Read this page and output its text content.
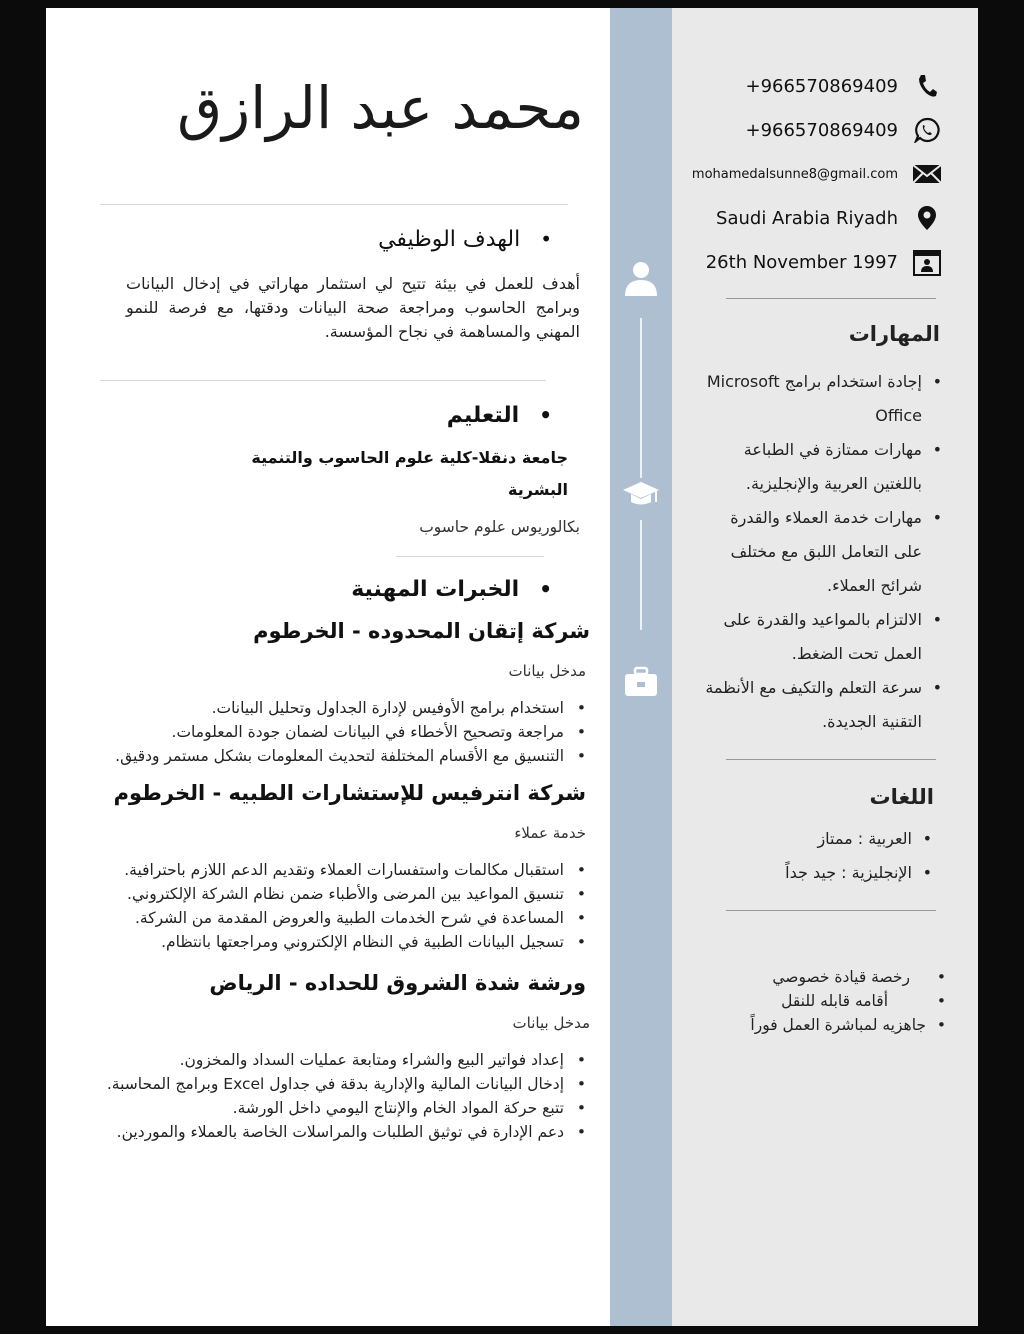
+966570869409
+966570869409
mohamedalsunne8@gmail.com
Saudi Arabia Riyadh
26th November 1997
المهارات
• إجادة استخدام برامج Microsoft Office
• مهارات ممتازة في الطباعة باللغتين العربية والإنجليزية.
• مهارات خدمة العملاء والقدرة على التعامل اللبق مع مختلف شرائح العملاء.
• الالتزام بالمواعيد والقدرة على العمل تحت الضغط.
• سرعة التعلم والتكيف مع الأنظمة التقنية الجديدة.
اللغات
• العربية : ممتاز
• الإنجليزية : جيد جداً
• رخصة قيادة خصوصي
• أقامه قابله للنقل
• جاهزيه لمباشرة العمل فوراً
محمد عبد الرازق
• الهدف الوظيفي

أهدف للعمل في بيئة تتيح لي استثمار مهاراتي في إدخال البيانات وبرامج الحاسوب ومراجعة صحة البيانات ودقتها، مع فرصة للنمو المهني والمساهمة في نجاح المؤسسة.

• التعليم
جامعة دنقلا-كلية علوم الحاسوب والتنمية البشرية
بكالوريوس علوم حاسوب
• الخبرات المهنية
شركة إتقان المحدوده - الخرطوم
مدخل بيانات
• استخدام برامج الأوفيس لإدارة الجداول وتحليل البيانات.
• مراجعة وتصحيح الأخطاء في البيانات لضمان جودة المعلومات.
• التنسيق مع الأقسام المختلفة لتحديث المعلومات بشكل مستمر ودقيق.
شركة انترفيس للإستشارات الطبيه - الخرطوم
خدمة عملاء
• استقبال مكالمات واستفسارات العملاء وتقديم الدعم اللازم باحترافية.
• تنسيق المواعيد بين المرضى والأطباء ضمن نظام الشركة الإلكتروني.
• المساعدة في شرح الخدمات الطبية والعروض المقدمة من الشركة.
• تسجيل البيانات الطبية في النظام الإلكتروني ومراجعتها بانتظام.
ورشة شدة الشروق للحداده - الرياض
مدخل بيانات
• إعداد فواتير البيع والشراء ومتابعة عمليات السداد والمخزون.
• إدخال البيانات المالية والإدارية بدقة في جداول Excel وبرامج المحاسبة.
• تتبع حركة المواد الخام والإنتاج اليومي داخل الورشة.
• دعم الإدارة في توثيق الطلبات والمراسلات الخاصة بالعملاء والموردين.
